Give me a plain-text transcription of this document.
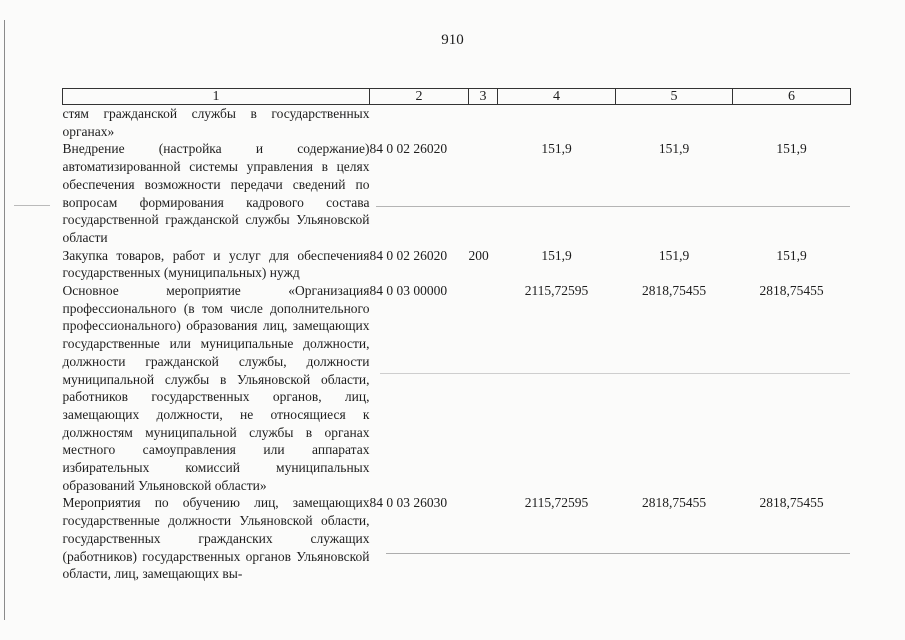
910
1	2	3	4	5	6
стям гражданской службы в государственных органах»					
Внедрение (настройка и содержание) автоматизированной системы управления в целях обеспечения возможности передачи сведений по вопросам формирования кадрового состава государственной гражданской службы Ульяновской области	84 0 02 26020		151,9	151,9	151,9
Закупка товаров, работ и услуг для обеспечения государственных (муниципальных) нужд	84 0 02 26020	200	151,9	151,9	151,9
Основное мероприятие «Организация профессионального (в том числе дополнительного профессионального) образования лиц, замещающих государственные или муниципальные должности, должности гражданской службы, должности муниципальной службы в Ульяновской области, работников государственных органов, лиц, замещающих должности, не относящиеся к должностям муниципальной службы в органах местного самоуправления или аппаратах избирательных комиссий муниципальных образований Ульяновской области»	84 0 03 00000		2115,72595	2818,75455	2818,75455
Мероприятия по обучению лиц, замещающих государственные должности Ульяновской области, государственных гражданских служащих (работников) государственных органов Ульяновской области, лиц, замещающих вы-	84 0 03 26030		2115,72595	2818,75455	2818,75455
